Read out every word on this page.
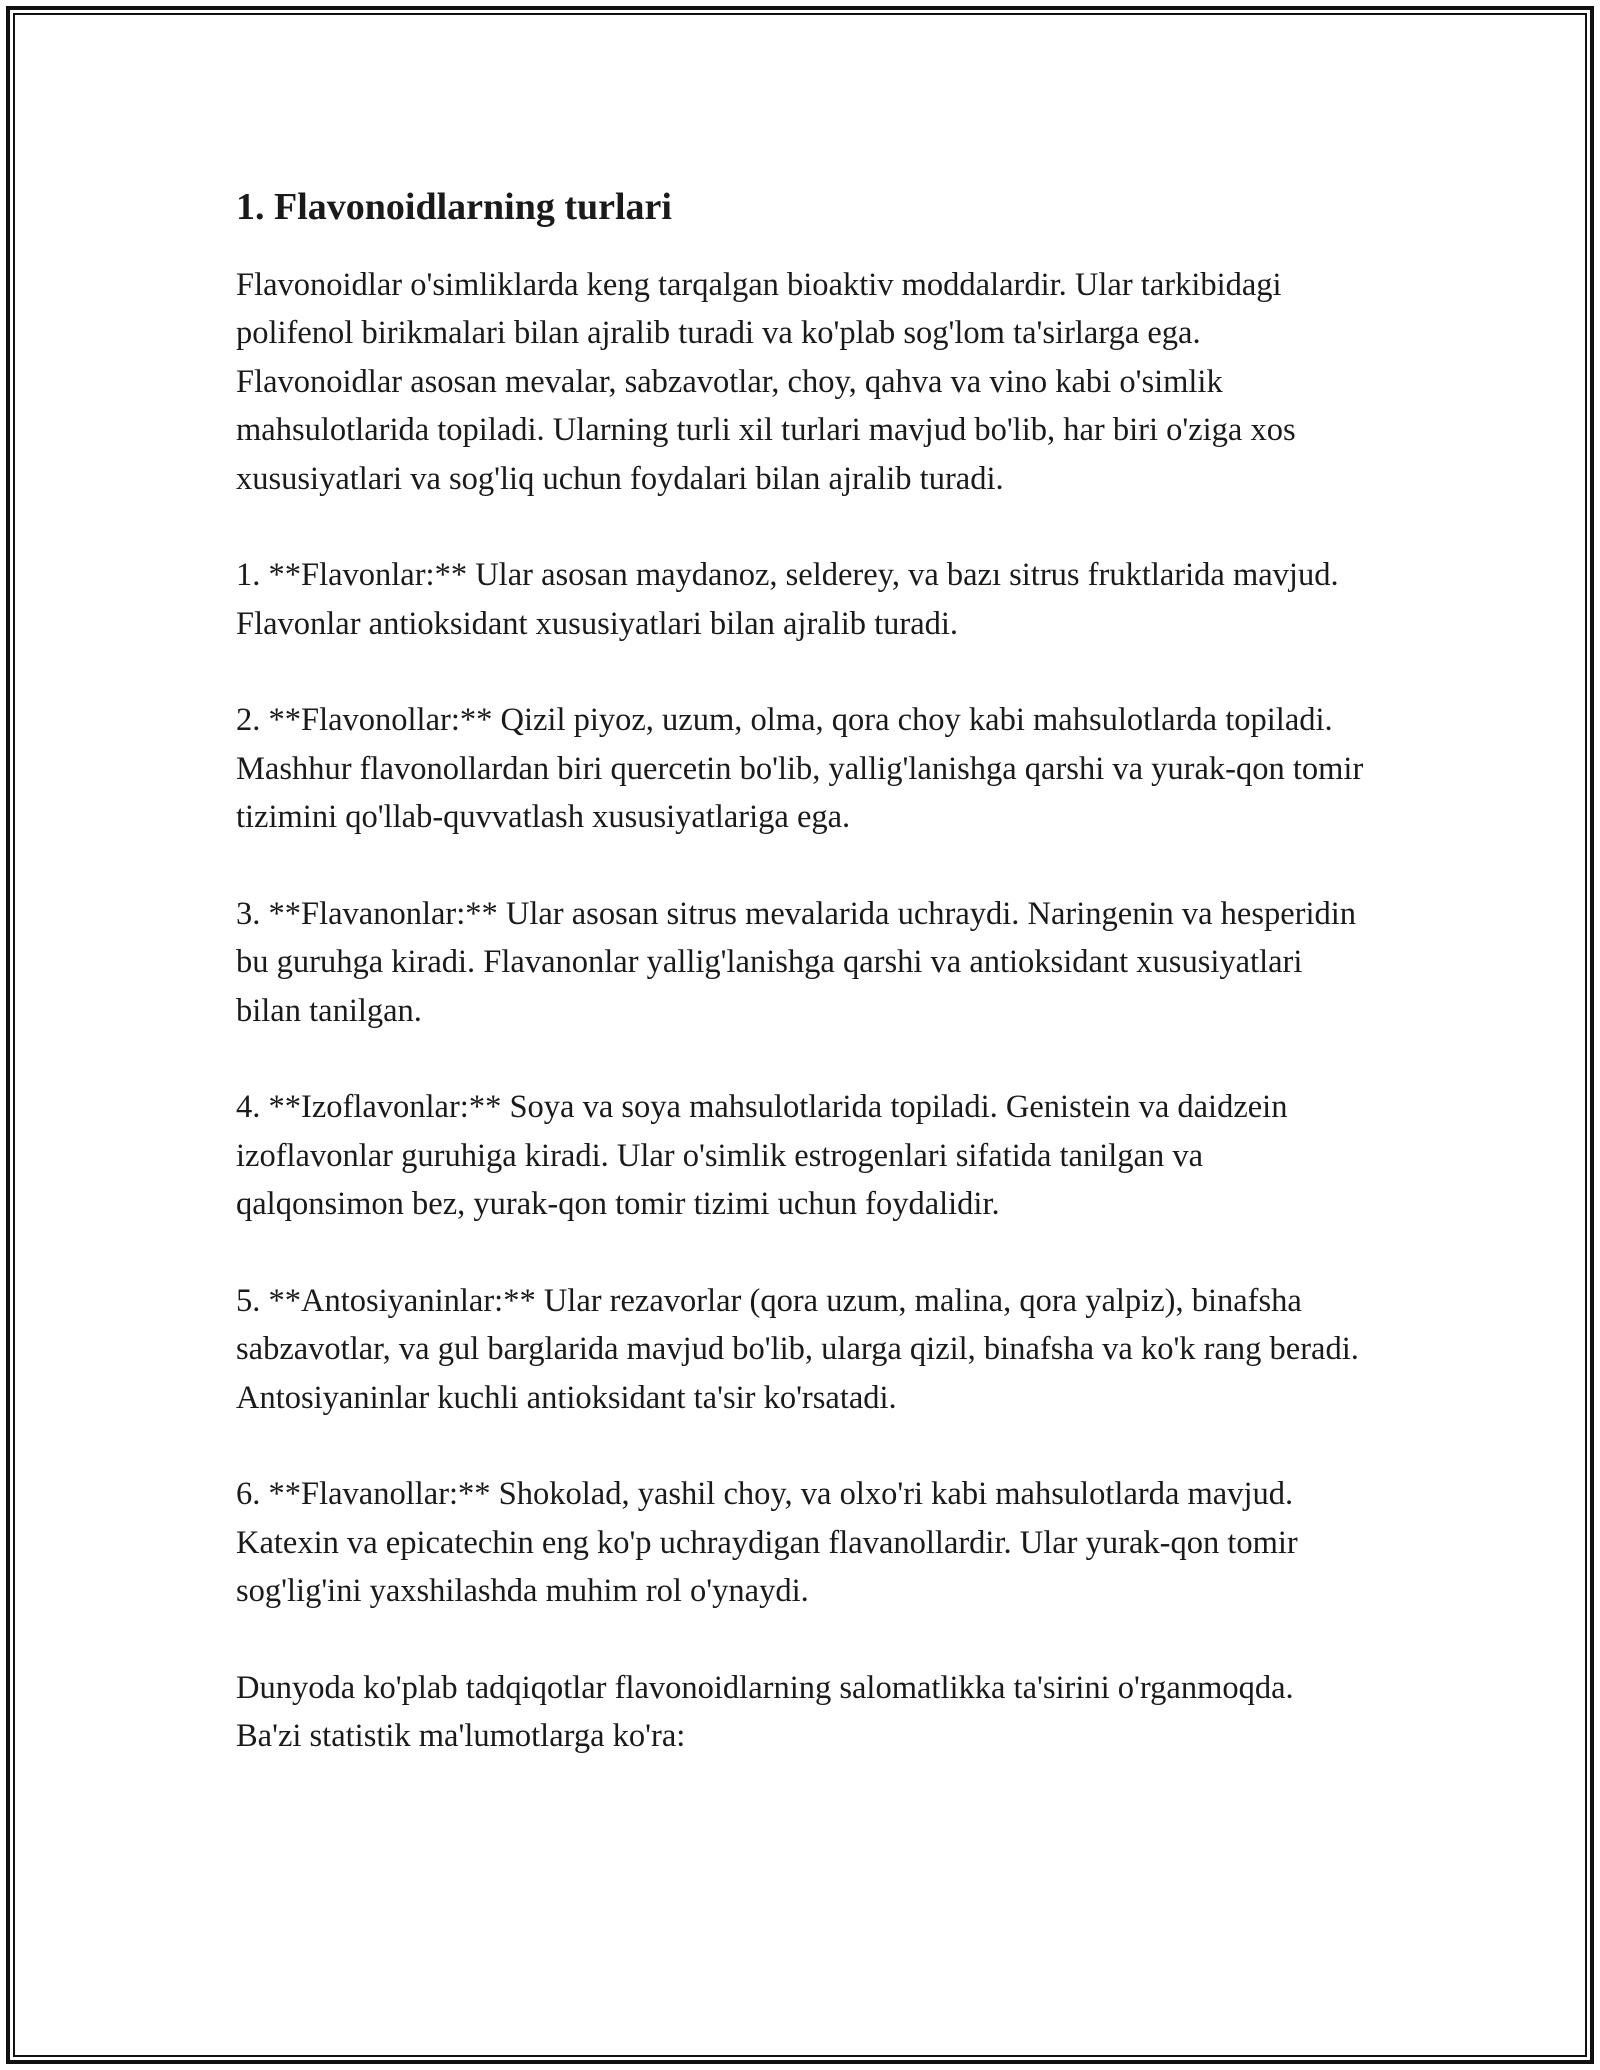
1. Flavonoidlarning turlari

Flavonoidlar o'simliklarda keng tarqalgan bioaktiv moddalardir. Ular tarkibidagi polifenol birikmalari bilan ajralib turadi va ko'plab sog'lom ta'sirlarga ega. Flavonoidlar asosan mevalar, sabzavotlar, choy, qahva va vino kabi o'simlik mahsulotlarida topiladi. Ularning turli xil turlari mavjud bo'lib, har biri o'ziga xos xususiyatlari va sog'liq uchun foydalari bilan ajralib turadi.

1. **Flavonlar:** Ular asosan maydanoz, selderey, va bazı sitrus fruktlarida mavjud. Flavonlar antioksidant xususiyatlari bilan ajralib turadi.

2. **Flavonollar:** Qizil piyoz, uzum, olma, qora choy kabi mahsulotlarda topiladi. Mashhur flavonollardan biri quercetin bo'lib, yallig'lanishga qarshi va yurak-qon tomir tizimini qo'llab-quvvatlash xususiyatlariga ega.

3. **Flavanonlar:** Ular asosan sitrus mevalarida uchraydi. Naringenin va hesperidin bu guruhga kiradi. Flavanonlar yallig'lanishga qarshi va antioksidant xususiyatlari bilan tanilgan.

4. **Izoflavonlar:** Soya va soya mahsulotlarida topiladi. Genistein va daidzein izoflavonlar guruhiga kiradi. Ular o'simlik estrogenlari sifatida tanilgan va qalqonsimon bez, yurak-qon tomir tizimi uchun foydalidir.

5. **Antosiyaninlar:** Ular rezavorlar (qora uzum, malina, qora yalpiz), binafsha sabzavotlar, va gul barglarida mavjud bo'lib, ularga qizil, binafsha va ko'k rang beradi. Antosiyaninlar kuchli antioksidant ta'sir ko'rsatadi.

6. **Flavanollar:** Shokolad, yashil choy, va olxo'ri kabi mahsulotlarda mavjud. Katexin va epicatechin eng ko'p uchraydigan flavanollardir. Ular yurak-qon tomir sog'lig'ini yaxshilashda muhim rol o'ynaydi.

Dunyoda ko'plab tadqiqotlar flavonoidlarning salomatlikka ta'sirini o'rganmoqda. Ba'zi statistik ma'lumotlarga ko'ra:
